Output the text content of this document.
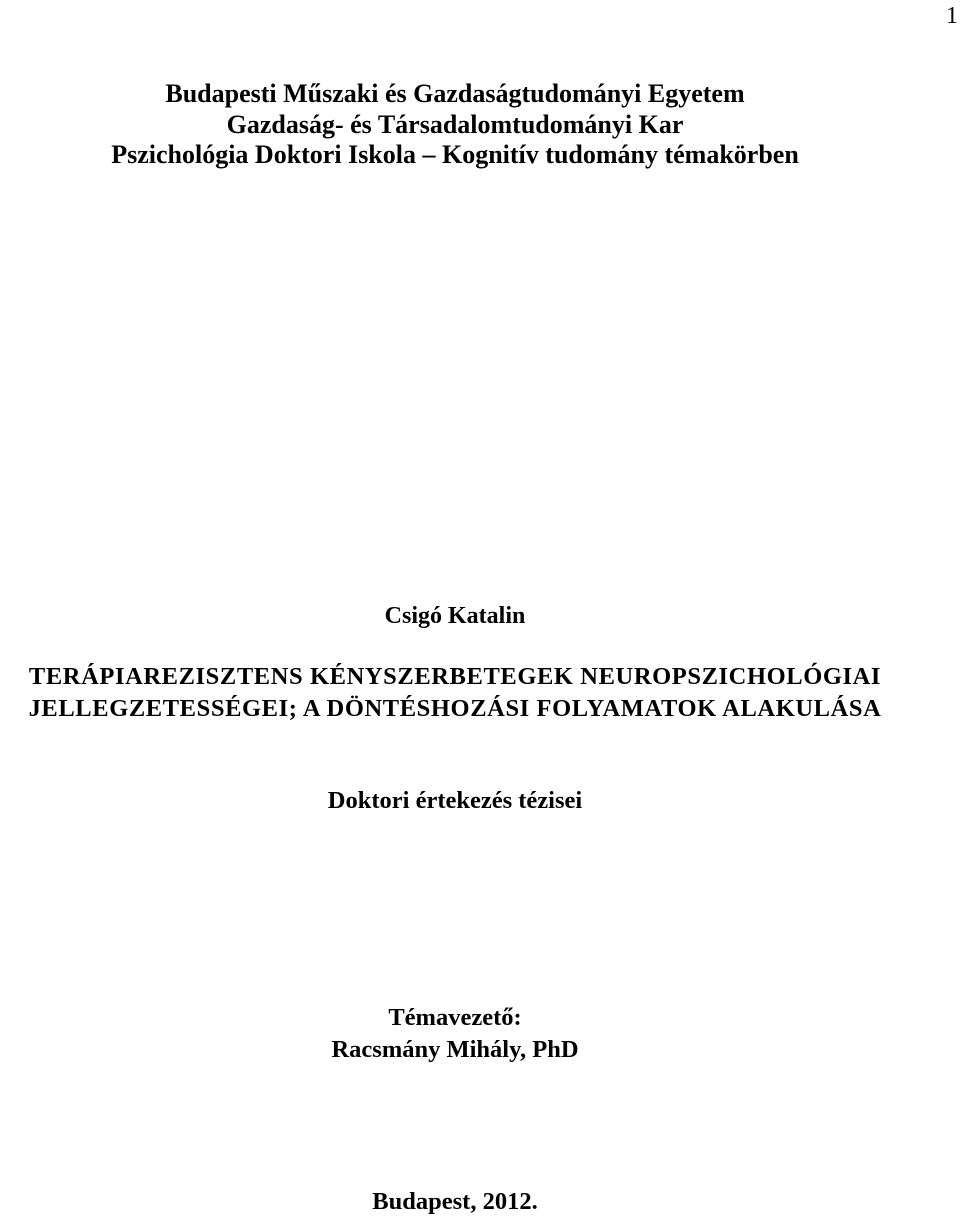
1
Budapesti Műszaki és Gazdaságtudományi Egyetem
Gazdaság- és Társadalomtudományi Kar
Pszichológia Doktori Iskola – Kognitív tudomány témakörben
Csigó Katalin
TERÁPIAREZISZTENS KÉNYSZERBETEGEK NEUROPSZICHOLÓGIAI
JELLEGZETESSÉGEI; A DÖNTÉSHOZÁSI FOLYAMATOK ALAKULÁSA
Doktori értekezés tézisei
Témavezető:
Racsmány Mihály, PhD
Budapest, 2012.
